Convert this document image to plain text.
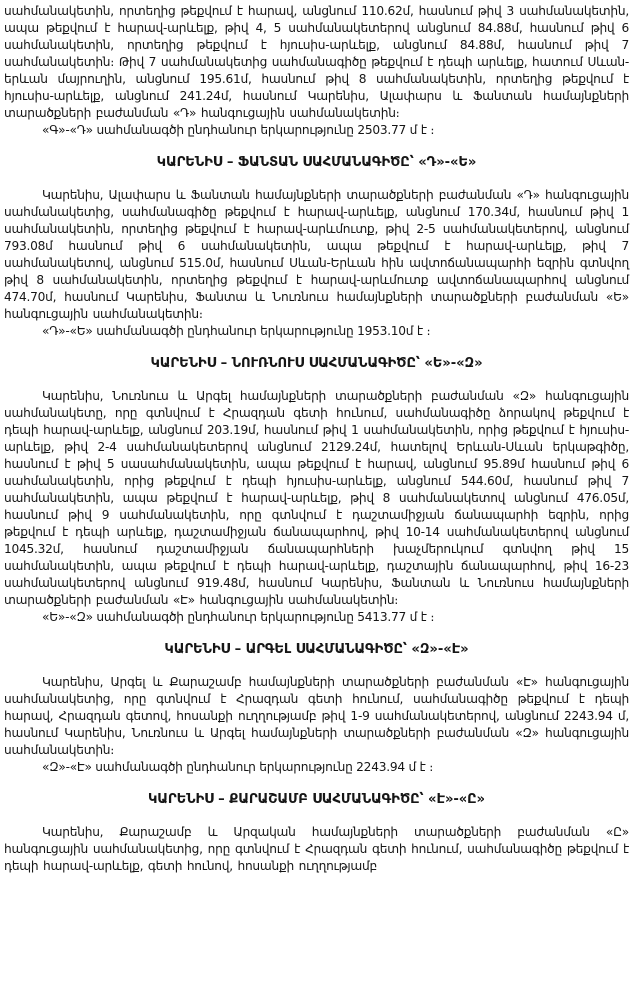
սահմանակետին, որտեղից թեքվում է հարավ, անցնում 110.62մ, հասնում թիվ 3 սահմանակետին, ապա թեքվում է հարավ-արևելք, թիվ 4, 5 սահմանակետերով անցնում 84.88մ, հասնում թիվ 6 սահմանակետին, որտեղից թեքվում է հյուսիս-արևելք, անցնում 84.88մ, հասնում թիվ 7 սահմանակետին։ Թիվ 7 սահմանակետից սահմանագիծը թեքվում է դեպի արևելք, հատում Սևան-երևան մայրուղին, անցնում 195.61մ, հասնում թիվ 8 սահմանակետին, որտեղից թեքվում է հյուսիս-արևելք, անցնում 241.24մ, հասնում Կարենիս, Ալափարս և Ֆանտան համայնքների տարածքների բաժանման «Դ» հանգուցային սահմանակետին։

«Գ»-«Դ» սահմանագծի ընդհանուր երկարությունը 2503.77 մ է ։

ԿԱՐԵՆԻՍ – ՖԱՆՏԱՆ ՍԱՀՄԱՆԱԳԻԾԸ՝ «Դ»-«Ե»

Կարենիս, Ալափարս և Ֆանտան համայնքների տարածքների բաժանման «Դ» հանգուցային սահմանակետից, սահմանագիծը թեքվում է հարավ-արևելք, անցնում 170.34մ, հասնում թիվ 1 սահմանակետին, որտեղից թեքվում է հարավ-արևմուտք, թիվ 2-5 սահմանակետերով, անցնում 793.08մ հասնում թիվ 6 սահմանակետին, ապա թեքվում է հարավ-արևելք, թիվ 7 սահմանակետով, անցնում 515.0մ, հասնում Սևան-Երևան հին ավտոճանապարհի եզրին գտնվող թիվ 8 սահմանակետին, որտեղից թեքվում է հարավ-արևմուտք ավտոճանապարհով անցնում 474.70մ, հասնում Կարենիս, Ֆանտա և Նուռնուս համայնքների տարածքների բաժանման «Ե» հանգուցային սահմանակետին։

«Դ»-«Ե» սահմանագծի ընդհանուր երկարությունը 1953.10մ է ։

ԿԱՐԵՆԻՍ – ՆՈՒՌՆՈՒՍ ՍԱՀՄԱՆԱԳԻԾԸ՝ «Ե»-«Զ»

Կարենիս, Նուռնուս և Արգել համայնքների տարածքների բաժանման «Զ» հանգուցային սահմանակետը, որը գտնվում է Հրազդան գետի հունում, սահմանագիծը ձորակով թեքվում է դեպի հարավ-արևելք, անցնում 203.19մ, հասնում թիվ 1 սահմանակետին, որից թեքվում է հյուսիս-արևելք, թիվ 2-4 սահմանակետերով անցնում 2129.24մ, հատելով Երևան-Սևան երկաթգիծը, հասնում է թիվ 5 սասահմանակետին, ապա թեքվում է հարավ, անցնում 95.89մ հասնում թիվ 6 սահմանակետին, որից թեքվում է դեպի հյուսիս-արևելք, անցնում 544.60մ, հասնում թիվ 7 սահմանակետին, ապա թեքվում է հարավ-արևելք, թիվ 8 սահմանակետով անցնում 476.05մ, հասնում թիվ 9 սահմանակետին, որը գտնվում է դաշտամիջյան ճանապարհի եզրին, որից թեքվում է դեպի արևելք, դաշտամիջյան ճանապարհով, թիվ 10-14 սահմանակետերով անցնում 1045.32մ, հասնում դաշտամիջյան ճանապարհների խաչմերուկում գտնվող թիվ 15 սահմանակետին, ապա թեքվում է դեպի հարավ-արևելք, դաշտային ճանապարհով, թիվ 16-23 սահմանակետերով անցնում 919.48մ, հասնում Կարենիս, Ֆանտան և Նուռնուս համայնքների տարածքների բաժանման «Է» հանգուցային սահմանակետին։

«Ե»-«Զ» սահմանագծի ընդհանուր երկարությունը 5413.77 մ է ։

ԿԱՐԵՆԻՍ – ԱՐԳԵԼ ՍԱՀՄԱՆԱԳԻԾԸ՝ «Զ»-«Է»

Կարենիս, Արգել և Քարաշամբ համայնքների տարածքների բաժանման «Է» հանգուցային սահմանակետից, որը գտնվում է Հրազդան գետի հունում, սահմանագիծը թեքվում է դեպի հարավ, Հրազդան գետով, հոսանքի ուղղությամբ թիվ 1-9 սահմանակետերով, անցնում 2243.94 մ, հասնում Կարենիս, Նուռնուս և Արգել համայնքների տարածքների բաժանման «Զ» հանգուցային սահմանակետին։

«Զ»-«Է» սահմանագծի ընդհանուր երկարությունը 2243.94 մ է ։

ԿԱՐԵՆԻՍ – ՔԱՐԱՇԱՄԲ ՍԱՀՄԱՆԱԳԻԾԸ՝ «Է»-«Ը»

Կարենիս, Քարաշամբ և Արզական համայնքների տարածքների բաժանման «Ը» հանգուցային սահմանակետից, որը գտնվում է Հրազդան գետի հունում, սահմանագիծը թեքվում է դեպի հարավ-արևելք, գետի հունով, հոսանքի ուղղությամբ
